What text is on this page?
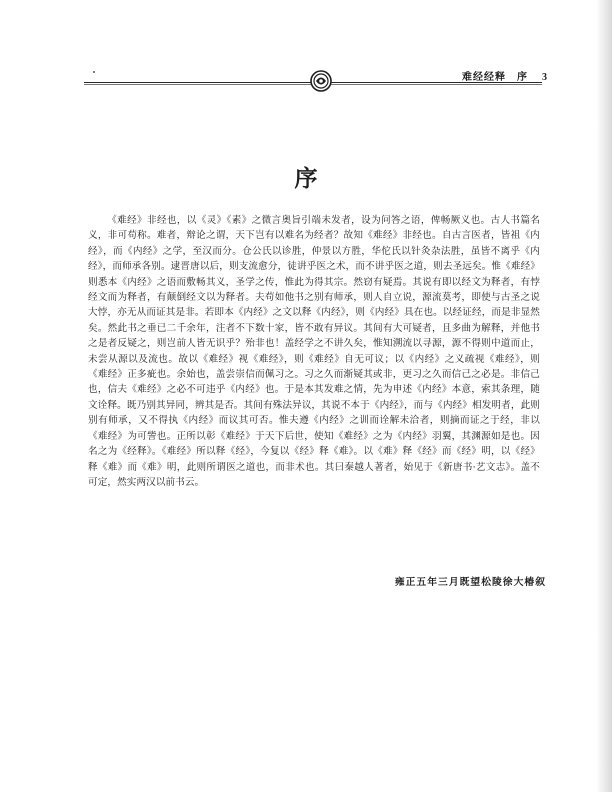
难经经释　序 3
序
《难经》非经也，以《灵》《素》之微言奥旨引端未发者，设为问答之语，俾畅厥义也。古人书篇名义，非可苟称。难者，辩论之谓，天下岂有以难名为经者？故知《难经》非经也。自古言医者，皆祖《内经》，而《内经》之学，至汉而分。仓公氏以诊胜，仲景以方胜，华佗氏以针灸杂法胜，虽皆不离乎《内经》，而师承各别。逮晋唐以后，则支流愈分，徒讲乎医之术，而不讲乎医之道，则去圣远矣。惟《难经》则悉本《内经》之语而敷畅其义，圣学之传，惟此为得其宗。然窃有疑焉。其说有即以经文为释者，有悖经文而为释者，有颠倒经文以为释者。夫苟如他书之别有师承，则人自立说，源流莫考，即使与古圣之说大悖，亦无从而证其是非。若即本《内经》之文以释《内经》，则《内经》具在也。以经证经，而是非显然矣。然此书之垂已二千余年，注者不下数十家，皆不敢有异议。其间有大可疑者，且多曲为解释，并他书之是者反疑之，则岂前人皆无识乎？殆非也！盖经学之不讲久矣，惟知溯流以寻源，源不得则中道而止，未尝从源以及流也。故以《难经》视《难经》，则《难经》自无可议；以《内经》之义疏视《难经》，则《难经》正多疵也。余始也，盖尝崇信而佩习之。习之久而渐疑其或非，更习之久而信己之必是。非信己也，信夫《难经》之必不可违乎《内经》也。于是本其发难之情，先为申述《内经》本意，索其条理，随文诠释。既乃别其异同，辨其是否。其间有殊法异议，其说不本于《内经》，而与《内经》相发明者，此则别有师承，又不得执《内经》而议其可否。惟夫遵《内经》之训而诠解未洽者，则摘而证之于经，非以《难经》为可訾也。正所以彰《难经》于天下后世，使知《难经》之为《内经》羽翼，其渊源如是也。因名之为《经释》。《难经》所以释《经》，今复以《经》释《难》。以《难》释《经》而《经》明，以《经》释《难》而《难》明，此则所谓医之道也，而非术也。其曰秦越人著者，始见于《新唐书·艺文志》。盖不可定，然实两汉以前书云。
雍正五年三月既望松陵徐大椿叙
